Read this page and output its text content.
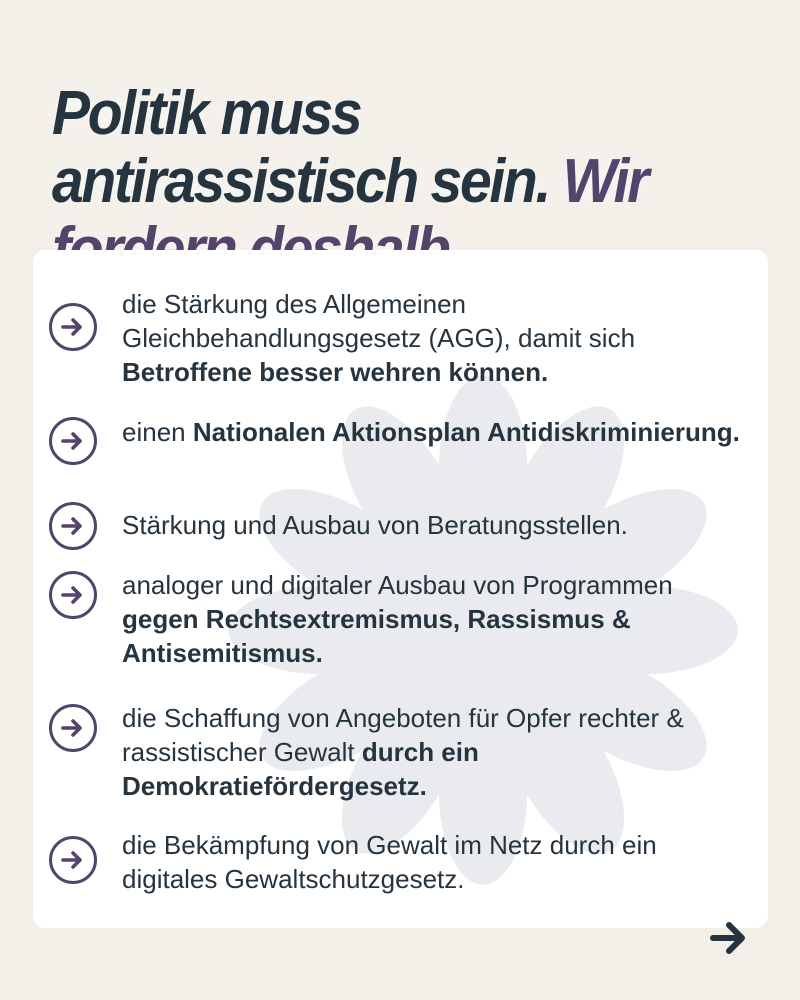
Politik muss antirassistisch sein. Wir
die Stärkung des Allgemeinen Gleichbehandlungsgesetz (AGG), damit sich
Betroffene besser wehren können.
einen Nationalen Aktionsplan Antidiskriminierung.
Stärkung und Ausbau von Beratungsstellen.
analoger und digitaler Ausbau von Programmen gegen Rechtsextremismus, Rassismus & Antisemitismus.
die Schaffung von Angeboten für Opfer rechter & rassistischer Gewalt durch ein Demokratiefördergesetz.
die Bekämpfung von Gewalt im Netz durch ein digitales Gewaltschutzgesetz.
